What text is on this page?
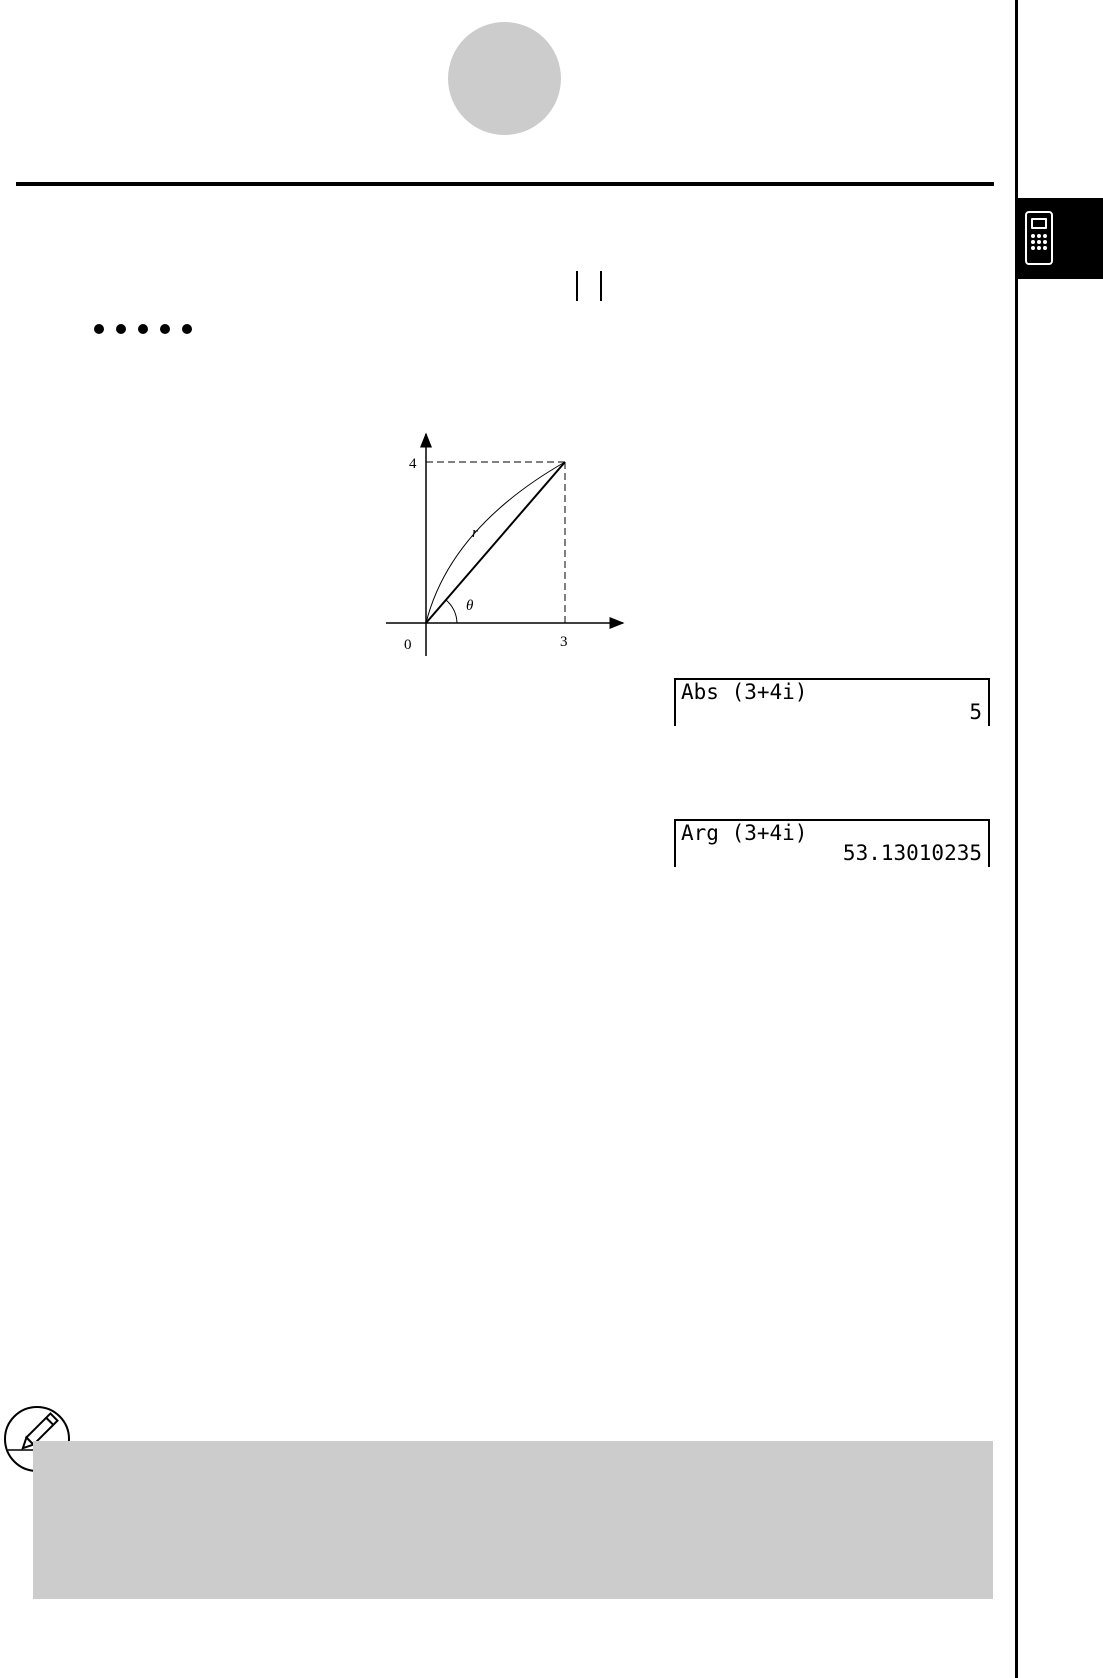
4
3
0
r
θ
Abs (3+4i)
5
Arg (3+4i)
53.13010235
